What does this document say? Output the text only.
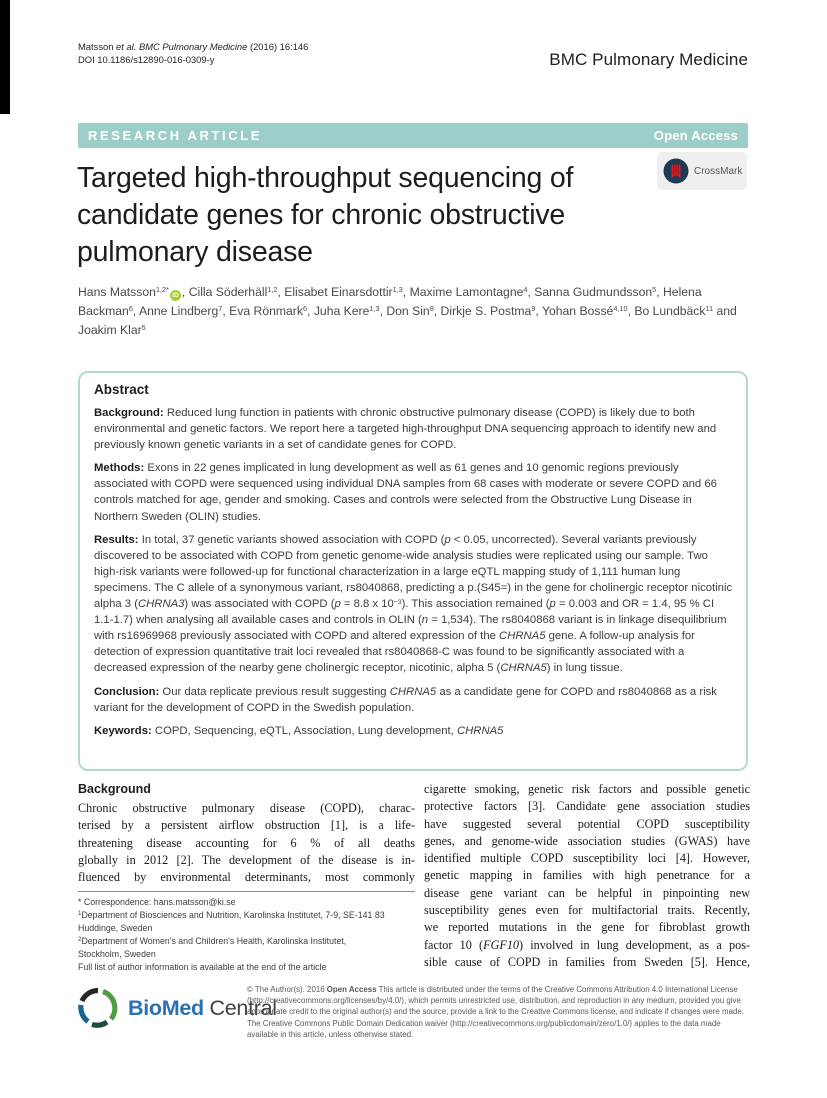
Matsson et al. BMC Pulmonary Medicine (2016) 16:146
DOI 10.1186/s12890-016-0309-y	BMC Pulmonary Medicine
RESEARCH ARTICLE	Open Access
Targeted high-throughput sequencing of candidate genes for chronic obstructive pulmonary disease
CrossMark
Hans Matsson$^{1,2*}$iD , Cilla Söderhäll$^{1,2}$, Elisabet Einarsdottir$^{1,3}$, Maxime Lamontagne$^4$, Sanna Gudmundsson$^5$, Helena Backman$^6$, Anne Lindberg$^7$, Eva Rönmark$^6$, Juha Kere$^{1,3}$, Don Sin$^8$, Dirkje S. Postma$^9$, Yohan Bossé$^{4,10}$, Bo Lundbäck$^{11}$ and Joakim Klar$^5$
Abstract

Background: Reduced lung function in patients with chronic obstructive pulmonary disease (COPD) is likely due to both environmental and genetic factors. We report here a targeted high-throughput DNA sequencing approach to identify new and previously known genetic variants in a set of candidate genes for COPD.

Methods: Exons in 22 genes implicated in lung development as well as 61 genes and 10 genomic regions previously associated with COPD were sequenced using individual DNA samples from 68 cases with moderate or severe COPD and 66 controls matched for age, gender and smoking. Cases and controls were selected from the Obstructive Lung Disease in Northern Sweden (OLIN) studies.

Results: In total, 37 genetic variants showed association with COPD (p < 0.05, uncorrected). Several variants previously discovered to be associated with COPD from genetic genome-wide analysis studies were replicated using our sample. Two high-risk variants were followed-up for functional characterization in a large eQTL mapping study of 1,111 human lung specimens. The C allele of a synonymous variant, rs8040868, predicting a p.(S45=) in the gene for cholinergic receptor nicotinic alpha 3 (CHRNA3) was associated with COPD (p = 8.8 x $10^{-3}$). This association remained (p = 0.003 and OR = 1.4, 95 % CI 1.1-1.7) when analysing all available cases and controls in OLIN (n = 1,534). The rs8040868 variant is in linkage disequilibrium with rs16969968 previously associated with COPD and altered expression of the CHRNA5 gene. A follow-up analysis for detection of expression quantitative trait loci revealed that rs8040868-C was found to be significantly associated with a decreased expression of the nearby gene cholinergic receptor, nicotinic, alpha 5 (CHRNA5) in lung tissue.

Conclusion: Our data replicate previous result suggesting CHRNA5 as a candidate gene for COPD and rs8040868 as a risk variant for the development of COPD in the Swedish population.

Keywords: COPD, Sequencing, eQTL, Association, Lung development, CHRNA5

Background
Chronic obstructive pulmonary disease (COPD), charac-
terised by a persistent airflow obstruction [1], is a life-
threatening disease accounting for 6 % of all deaths
globally in 2012 [2]. The development of the disease is in-
fluenced by environmental determinants, most commonly
cigarette smoking, genetic risk factors and possible genetic
protective factors [3]. Candidate gene association studies
have suggested several potential COPD susceptibility
genes, and genome-wide association studies (GWAS) have
identified multiple COPD susceptibility loci [4]. However,
genetic mapping in families with high penetrance for a
disease gene variant can be helpful in pinpointing new
susceptibility genes even for multifactorial traits. Recently,
we reported mutations in the gene for fibroblast growth
factor 10 (FGF10) involved in lung development, as a pos-
sible cause of COPD in families from Sweden [5]. Hence,
* Correspondence: hans.matsson@ki.se
$^1$Department of Biosciences and Nutrition, Karolinska Institutet, 7-9, SE-141 83
Huddinge, Sweden
$^2$Department of Women's and Children's Health, Karolinska Institutet,
Stockholm, Sweden
Full list of author information is available at the end of the article
BioMed Central
© The Author(s). 2016 Open Access This article is distributed under the terms of the Creative Commons Attribution 4.0 International License (http://creativecommons.org/licenses/by/4.0/), which permits unrestricted use, distribution, and reproduction in any medium, provided you give appropriate credit to the original author(s) and the source, provide a link to the Creative Commons license, and indicate if changes were made. The Creative Commons Public Domain Dedication waiver (http://creativecommons.org/publicdomain/zero/1.0/) applies to the data made available in this article, unless otherwise stated.
